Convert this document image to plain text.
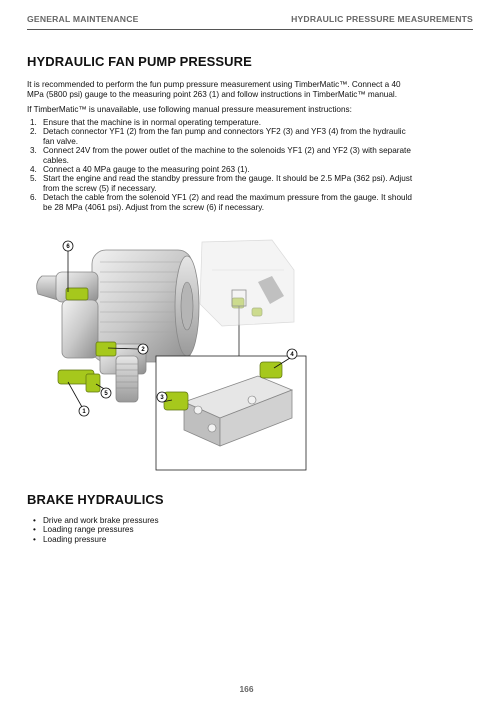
GENERAL MAINTENANCE	HYDRAULIC PRESSURE MEASUREMENTS
HYDRAULIC FAN PUMP PRESSURE

It is recommended to perform the fun pump pressure measurement using TimberMatic™. Connect a 40
MPa (5800 psi) gauge to the measuring point 263 (1) and follow instructions in TimberMatic™ manual.

If TimberMatic™ is unavailable, use following manual pressure measurement instructions:

1. Ensure that the machine is in normal operating temperature.
2. Detach connector YF1 (2) from the fan pump and connectors YF2 (3) and YF3 (4) from the hydraulic
fan valve.
3. Connect 24V from the power outlet of the machine to the solenoids YF1 (2) and YF2 (3) with separate
cables.
4. Connect a 40 MPa gauge to the measuring point 263 (1).
5. Start the engine and read the standby pressure from the gauge. It should be 2.5 MPa (362 psi). Adjust
from the screw (5) if necessary.
6. Detach the cable from the solenoid YF1 (2) and read the maximum pressure from the gauge. It should
be 28 MPa (4061 psi). Adjust from the screw (6) if necessary.
6
2
1
5
3
4
BRAKE HYDRAULICS
• Drive and work brake pressures
• Loading range pressures
• Loading pressure
166
